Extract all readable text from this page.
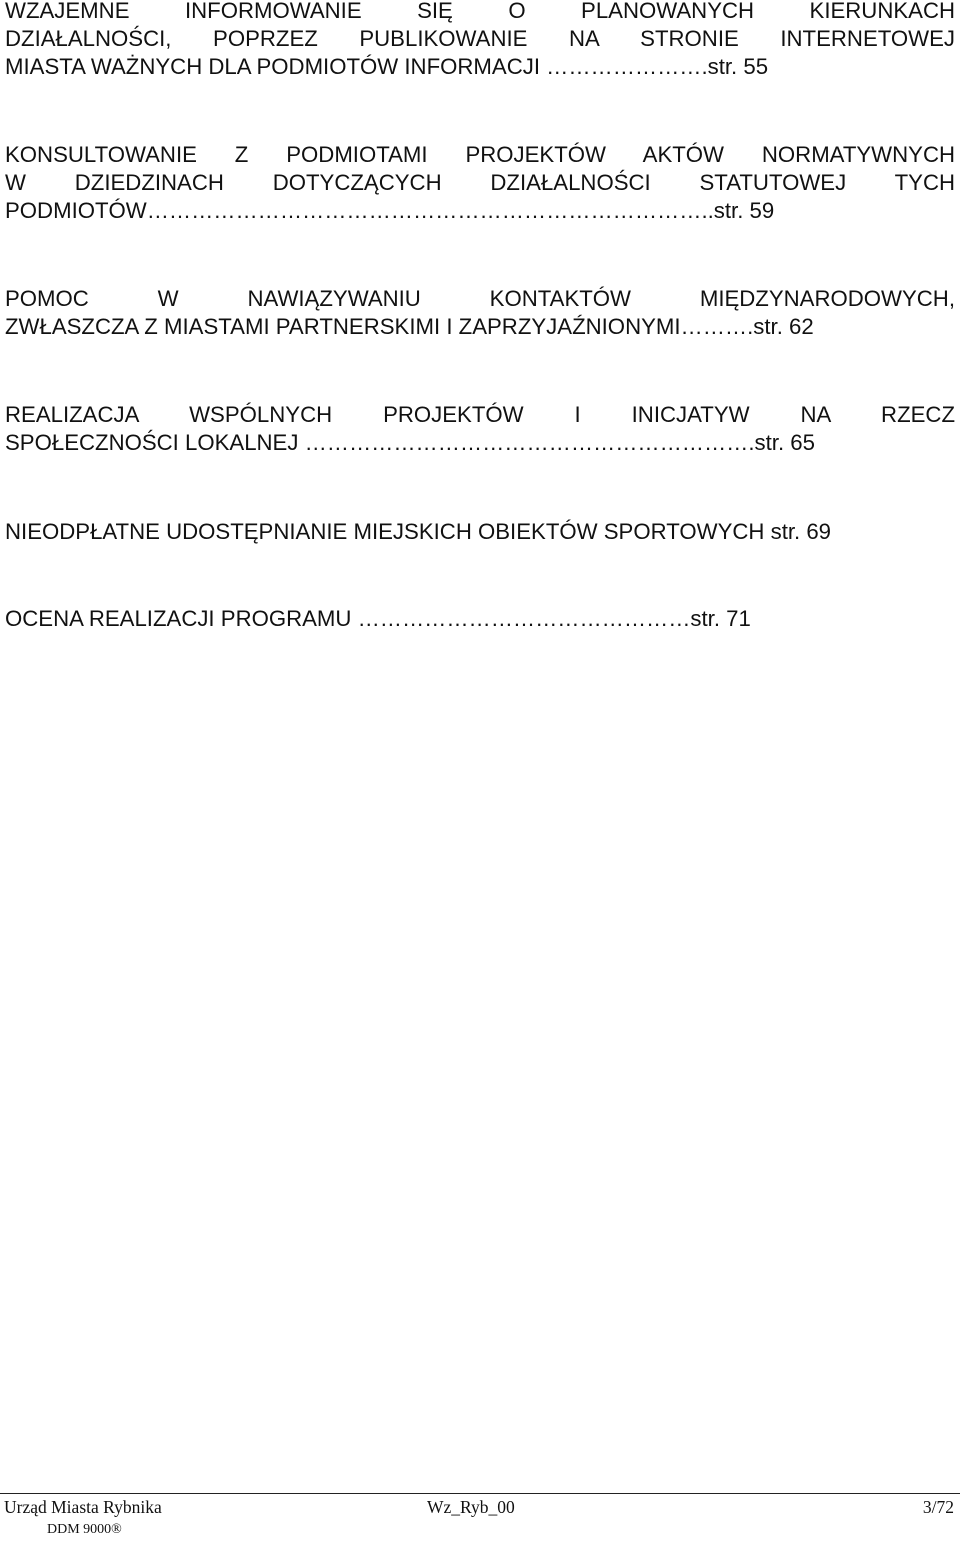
WZAJEMNE INFORMOWANIE SIĘ O PLANOWANYCH KIERUNKACH
DZIAŁALNOŚCI, POPRZEZ PUBLIKOWANIE NA STRONIE INTERNETOWEJ
MIASTA WAŻNYCH DLA PODMIOTÓW INFORMACJI ………………….str. 55
KONSULTOWANIE Z PODMIOTAMI PROJEKTÓW AKTÓW NORMATYWNYCH
W DZIEDZINACH DOTYCZĄCYCH DZIAŁALNOŚCI STATUTOWEJ TYCH
PODMIOTÓW…………………………………………………………………..str. 59
POMOC W NAWIĄZYWANIU KONTAKTÓW MIĘDZYNARODOWYCH,
ZWŁASZCZA Z MIASTAMI PARTNERSKIMI I ZAPRZYJAŹNIONYMI……….str. 62
REALIZACJA WSPÓLNYCH PROJEKTÓW I INICJATYW NA RZECZ
SPOŁECZNOŚCI LOKALNEJ …………………………………………………….str. 65
NIEODPŁATNE UDOSTĘPNIANIE MIEJSKICH OBIEKTÓW SPORTOWYCH str. 69
OCENA REALIZACJI PROGRAMU ………………………………………str. 71
Urząd Miasta Rybnika	Wz_Ryb_00	3/72
DDM 9000®
